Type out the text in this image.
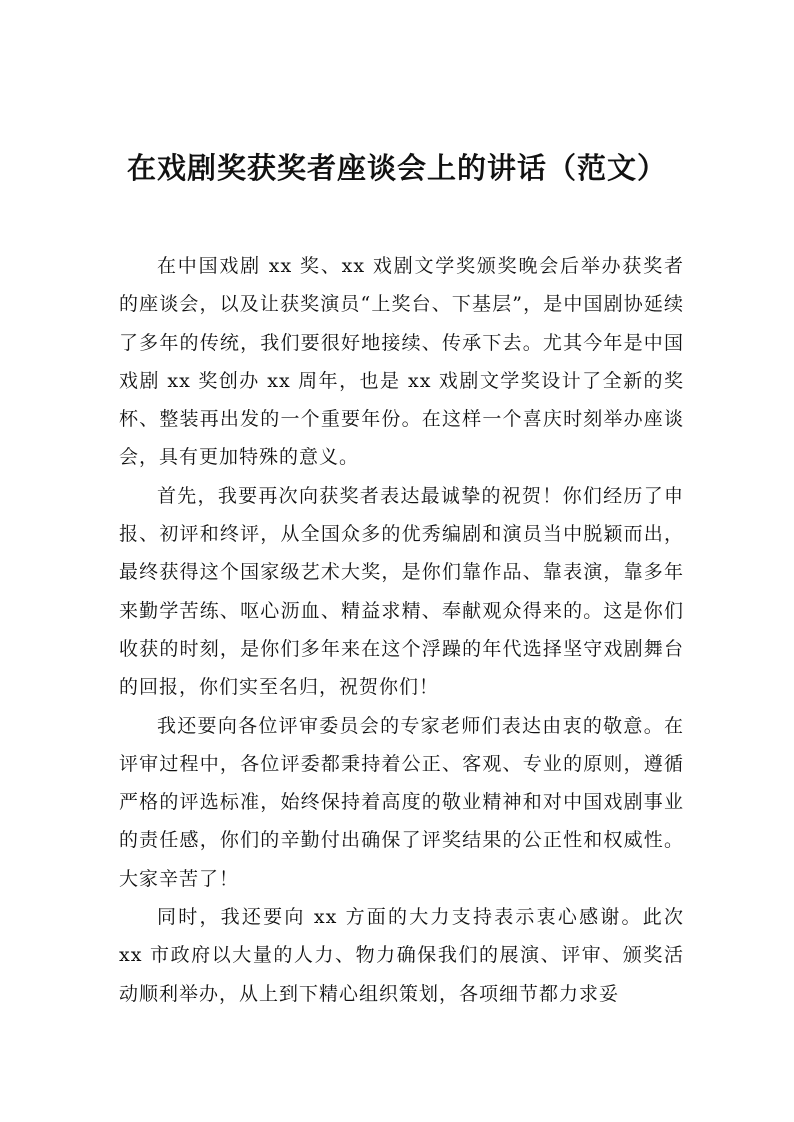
在戏剧奖获奖者座谈会上的讲话（范文）

在中国戏剧 xx 奖、xx 戏剧文学奖颁奖晚会后举办获奖者的座谈会，以及让获奖演员“上奖台、下基层”，是中国剧协延续了多年的传统，我们要很好地接续、传承下去。尤其今年是中国戏剧 xx 奖创办 xx 周年，也是 xx 戏剧文学奖设计了全新的奖杯、整装再出发的一个重要年份。在这样一个喜庆时刻举办座谈会，具有更加特殊的意义。

首先，我要再次向获奖者表达最诚挚的祝贺！你们经历了申报、初评和终评，从全国众多的优秀编剧和演员当中脱颖而出，最终获得这个国家级艺术大奖，是你们靠作品、靠表演，靠多年来勤学苦练、呕心沥血、精益求精、奉献观众得来的。这是你们收获的时刻，是你们多年来在这个浮躁的年代选择坚守戏剧舞台的回报，你们实至名归，祝贺你们！

我还要向各位评审委员会的专家老师们表达由衷的敬意。在评审过程中，各位评委都秉持着公正、客观、专业的原则，遵循严格的评选标准，始终保持着高度的敬业精神和对中国戏剧事业的责任感，你们的辛勤付出确保了评奖结果的公正性和权威性。大家辛苦了！

同时，我还要向 xx 方面的大力支持表示衷心感谢。此次 xx 市政府以大量的人力、物力确保我们的展演、评审、颁奖活动顺利举办，从上到下精心组织策划，各项细节都力求妥
